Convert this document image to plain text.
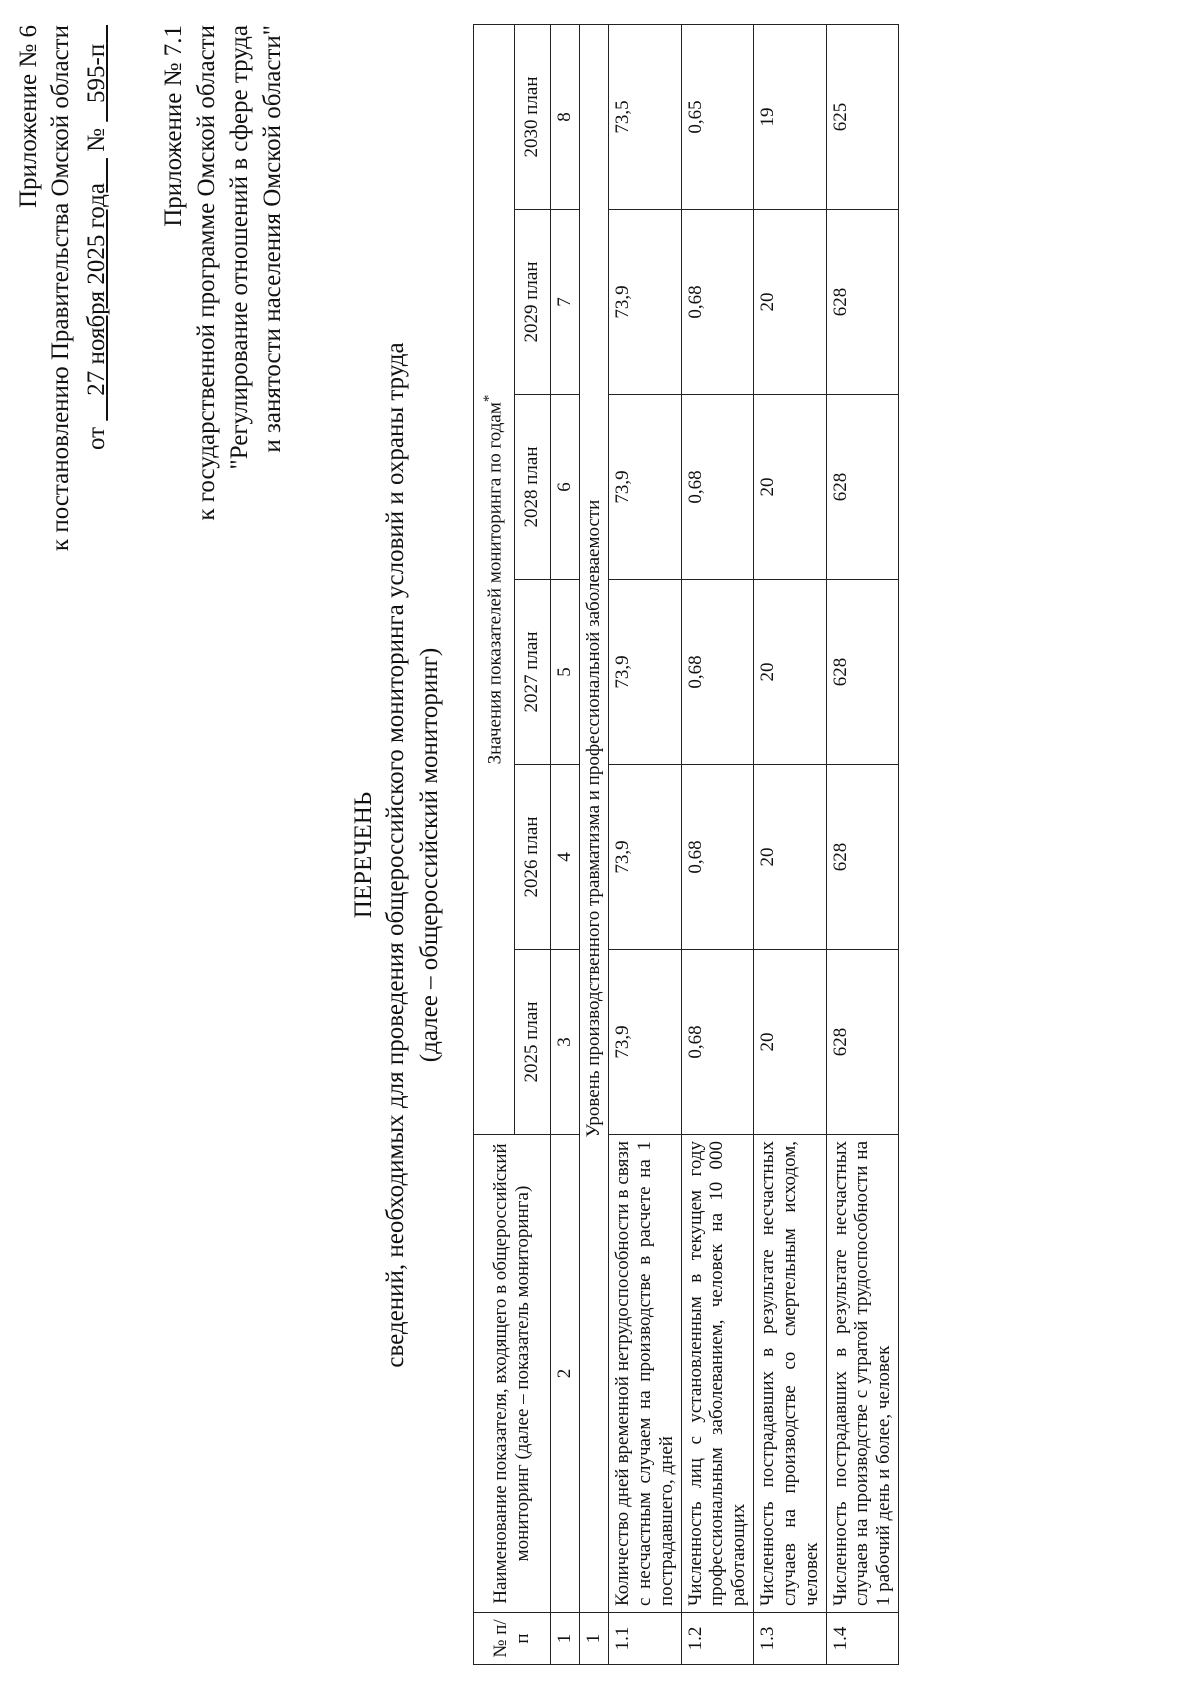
Приложение № 6 к постановлению Правительства Омской области от     27 ноября 2025 года     №    595-п Приложение № 7.1 к государственной программе Омской области "Регулирование отношений в сфере труда и занятости населения Омской области"
ПЕРЕЧЕНЬ сведений, необходимых для проведения общероссийского мониторинга условий и охраны труда (далее – общероссийский мониторинг)
№ п/п	Наименование показателя, входящего в общероссийский мониторинг (далее – показатель мониторинга)	Значения показателей мониторинга по годам*
		2025 план	2026 план	2027 план	2028 план	2029 план	2030 план
1	2	3	4	5	6	7	8
1	Уровень производственного травматизма и профессиональной заболеваемости						
1.1	Количество дней временной нетрудоспособности в связи с несчастным случаем на производстве в расчете на 1 пострадавшего, дней	73,9	73,9	73,9	73,9	73,9	73,5
1.2	Численность лиц с установленным в текущем году профессиональным заболеванием, человек на 10 000 работающих	0,68	0,68	0,68	0,68	0,68	0,65
1.3	Численность пострадавших в результате несчастных случаев на производстве со смертельным исходом, человек	20	20	20	20	20	19
1.4	Численность пострадавших в результате несчастных случаев на производстве с утратой трудоспособности на 1 рабочий день и более, человек	628	628	628	628	628	625
